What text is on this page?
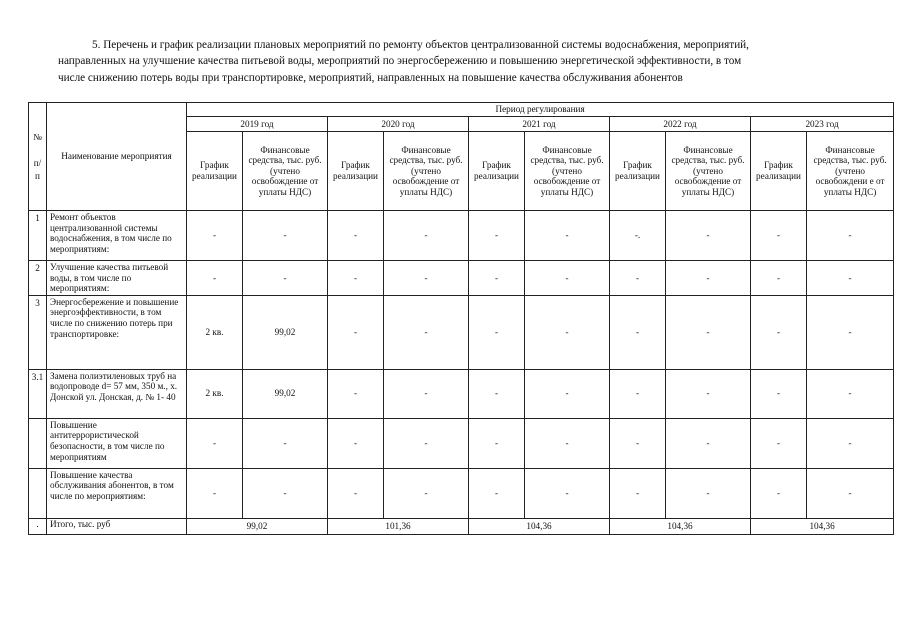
5. Перечень и график реализации плановых мероприятий по ремонту объектов централизованной системы водоснабжения, мероприятий,
направленных на улучшение качества питьевой воды, мероприятий по энергосбережению и повышению энергетической эффективности, в том
числе снижению потерь воды при транспортировке, мероприятий, направленных на повышение качества обслуживания абонентов
№

п/
п	Наименование мероприятия	Период регулирования									
		2019 год		2020 год		2021 год		2022 год		2023 год	
		График реализации	Финансовые средства, тыс. руб. (учтено освобождение от уплаты НДС)	График реализации	Финансовые средства, тыс. руб. (учтено освобождение от уплаты НДС)	График реализации	Финансовые средства, тыс. руб. (учтено освобождение от уплаты НДС)	График реализации	Финансовые средства, тыс. руб. (учтено освобождение от уплаты НДС)	График реализации	Финансовые средства, тыс. руб. (учтено освобождени е от уплаты НДС)
1	Ремонт объектов централизованной системы водоснабжения, в том числе по мероприятиям:	-	-	-	-	-	-	-.	-	-	-
2	Улучшение качества питьевой воды, в том числе по мероприятиям:	-	-	-	-	-	-	-	-	-	-
3	Энергосбережение и повышение энергоэффективности, в том числе по снижению потерь при транспортировке:	2 кв.	99,02	-	-	-	-	-	-	-	-
3.1	Замена полиэтиленовых труб на водопроводе d= 57 мм, 350 м., х. Донской ул. Донская, д. № 1- 40	2 кв.	99,02	-	-	-	-	-	-	-	-
	Повышение антитеррористической безопасности, в том числе по мероприятиям	-	-	-	-	-	-	-	-	-	-
	Повышение качества обслуживания абонентов, в том числе по мероприятиям:	-	-	-	-	-	-	-	-	-	-
.	Итого, тыс. руб	99,02		101,36		104,36		104,36		104,36	
